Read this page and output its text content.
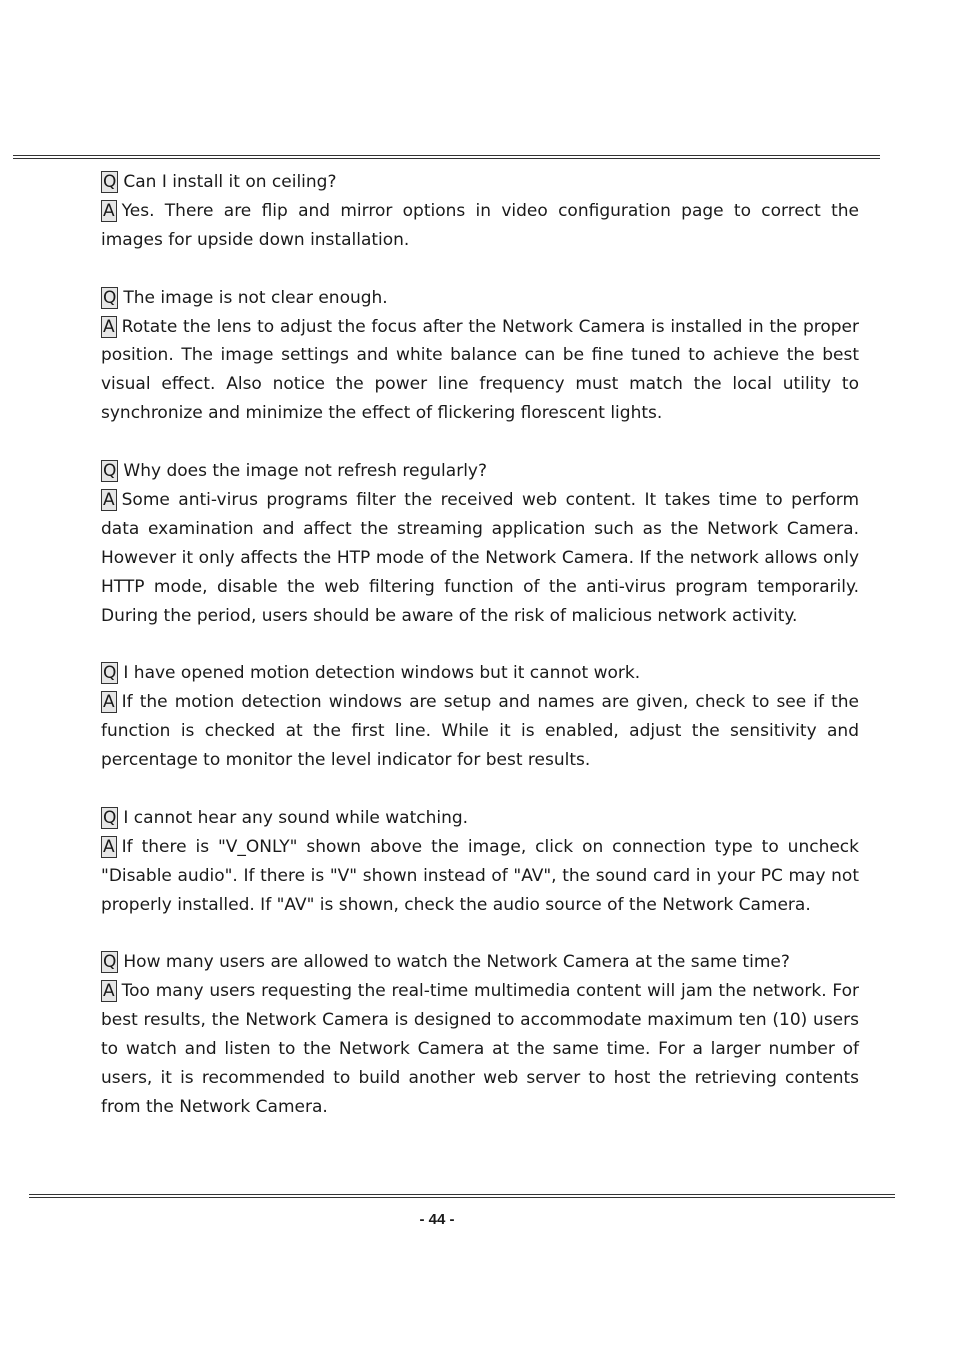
Q Can I install it on ceiling?

A Yes. There are flip and mirror options in video configuration page to correct the images for upside down installation.

Q The image is not clear enough.

A Rotate the lens to adjust the focus after the Network Camera is installed in the proper position. The image settings and white balance can be fine tuned to achieve the best visual effect. Also notice the power line frequency must match the local utility to synchronize and minimize the effect of flickering florescent lights.

Q Why does the image not refresh regularly?

A Some anti-virus programs filter the received web content. It takes time to perform data examination and affect the streaming application such as the Network Camera. However it only affects the HTP mode of the Network Camera. If the network allows only HTTP mode, disable the web filtering function of the anti-virus program temporarily. During the period, users should be aware of the risk of malicious network activity.

Q I have opened motion detection windows but it cannot work.

A If the motion detection windows are setup and names are given, check to see if the function is checked at the first line. While it is enabled, adjust the sensitivity and percentage to monitor the level indicator for best results.

Q I cannot hear any sound while watching.

A If there is "V_ONLY" shown above the image, click on connection type to uncheck "Disable audio". If there is "V" shown instead of "AV", the sound card in your PC may not properly installed. If "AV" is shown, check the audio source of the Network Camera.

Q How many users are allowed to watch the Network Camera at the same time?

A Too many users requesting the real-time multimedia content will jam the network. For best results, the Network Camera is designed to accommodate maximum ten (10) users to watch and listen to the Network Camera at the same time. For a larger number of users, it is recommended to build another web server to host the retrieving contents from the Network Camera.

- 44 -
